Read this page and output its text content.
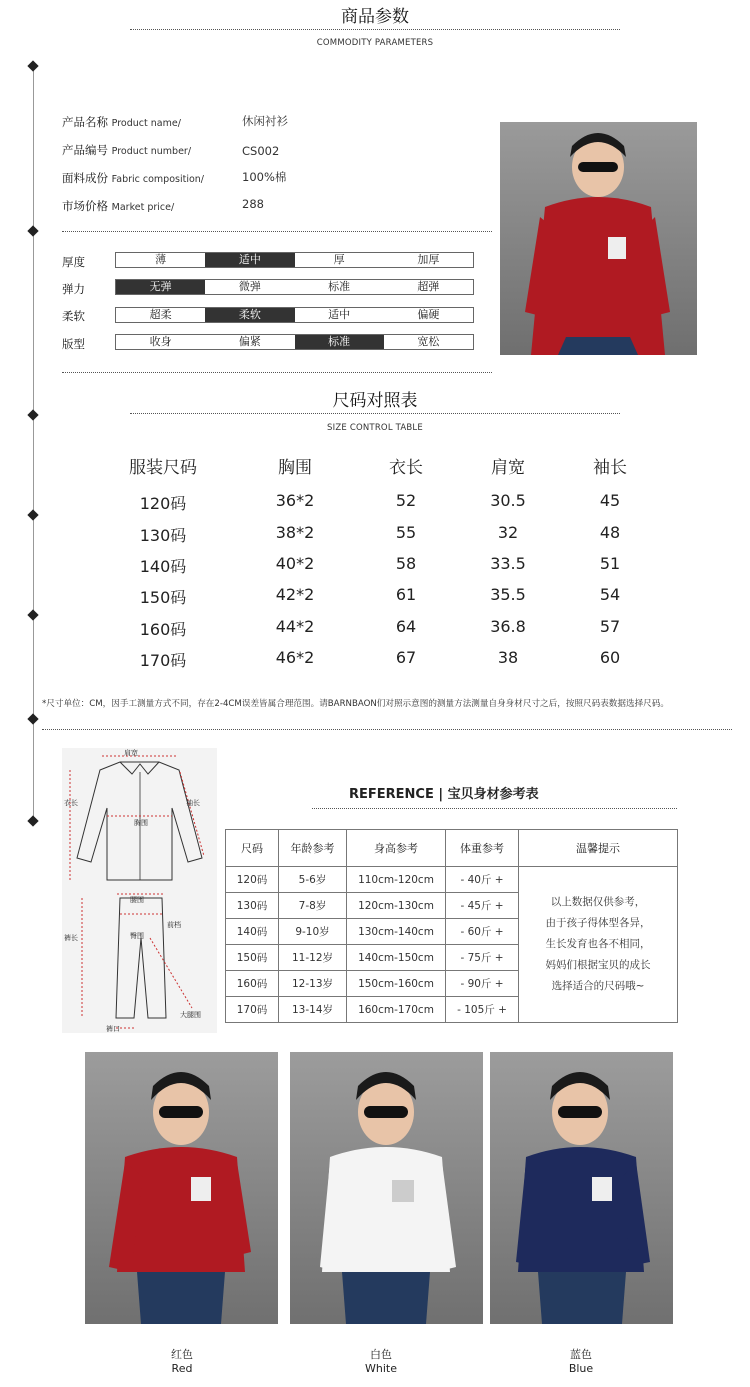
商品参数
COMMODITY PARAMETERS
产品名称 Product name/	休闲衬衫
产品编号 Product number/	CS002
面料成份 Fabric composition/	100%棉
市场价格 Market price/	288
厚度	薄	适中	厚	加厚
弹力	无弹	微弹	标准	超弹
柔软	超柔	柔软	适中	偏硬
版型	收身	偏紧	标准	宽松
尺码对照表
SIZE CONTROL TABLE
服装尺码	胸围	衣长	肩宽	袖长
120码	36*2	52	30.5	45
130码	38*2	55	32	48
140码	40*2	58	33.5	51
150码	42*2	61	35.5	54
160码	44*2	64	36.8	57
170码	46*2	67	38	60
*尺寸单位：CM，因手工测量方式不同，存在2-4CM误差皆属合理范围。请BARNBAON们对照示意图的测量方法测量自身身材尺寸之后，按照尺码表数据选择尺码。
肩宽
衣长
胸围
袖长
腰围
裤长	臀围
前档
大腿围
裤口
REFERENCE | 宝贝身材参考表
尺码	年龄参考	身高参考	体重参考	温馨提示
120码	5-6岁	110cm-120cm	- 40斤 +	以上数据仅供参考，
由于孩子得体型各异，
生长发育也各不相同，
妈妈们根据宝贝的成长
选择适合的尺码哦~

130码	7-8岁	120cm-130cm	- 45斤 +	
140码	9-10岁	130cm-140cm	- 60斤 +	
150码	11-12岁	140cm-150cm	- 75斤 +	
160码	12-13岁	150cm-160cm	- 90斤 +	
170码	13-14岁	160cm-170cm	- 105斤 +	
红色
Red
白色
White
蓝色
Blue
